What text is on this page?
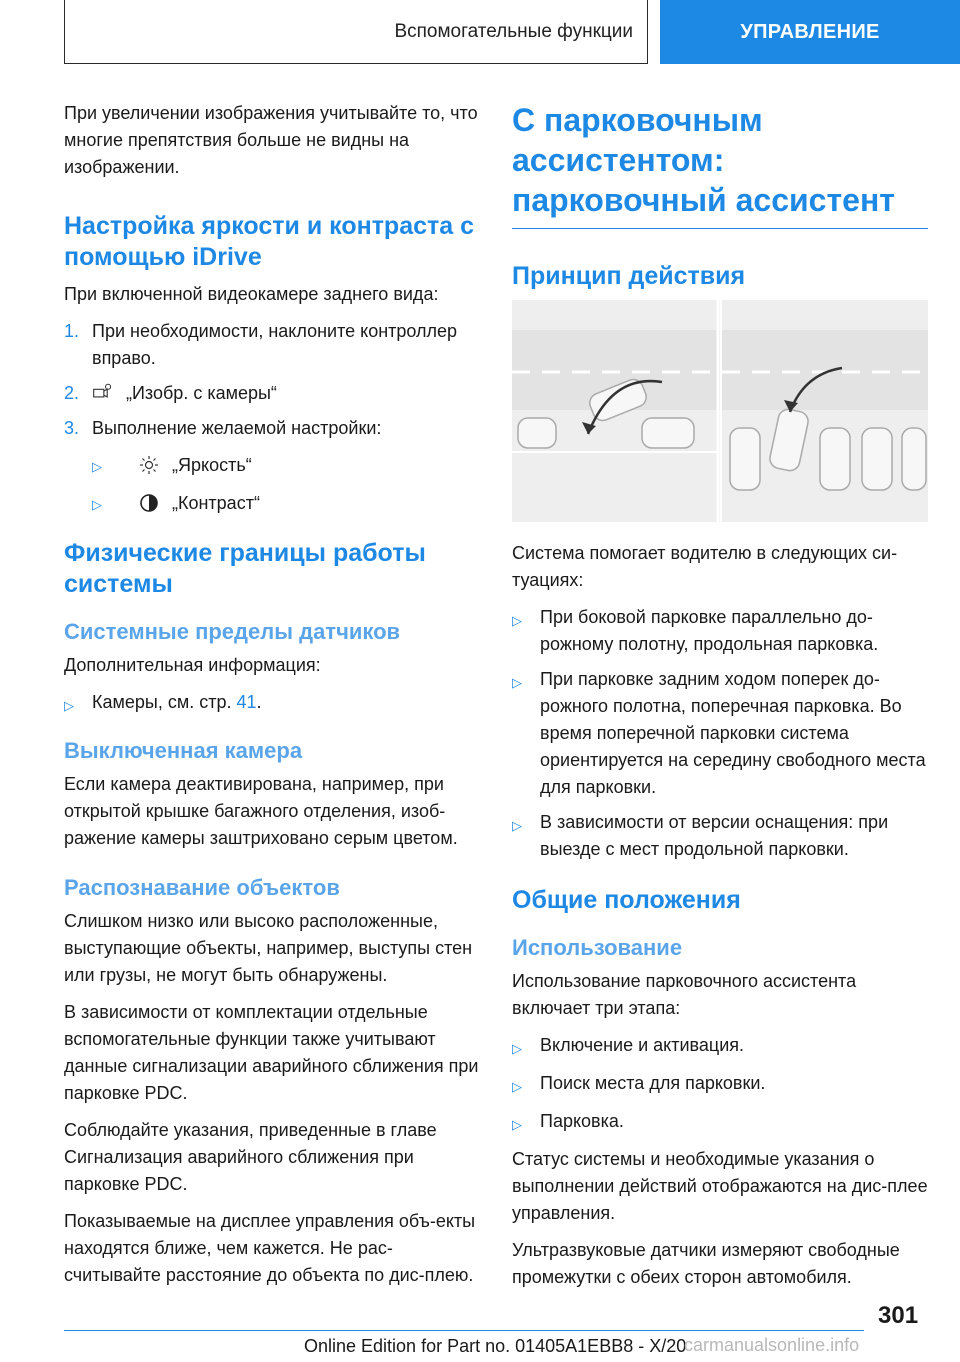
Вспомогательные функции	УПРАВЛЕНИЕ

При увеличении изображения учитывайте то, что многие препятствия больше не видны на изображении.

Настройка яркости и контраста с помощью iDrive

При включенной видеокамере заднего вида:

1. При необходимости, наклоните контроллер вправо.
2.	„Изобр. с камеры“
3. Выполнение желаемой настройки:
▷	„Яркость“
▷	„Контраст“
Физические границы работы системы
Системные пределы датчиков

Дополнительная информация:

▷	Камеры, см. стр. 41.
Выключенная камера

Если камера деактивирована, например, при открытой крышке багажного отделения, изоб-ражение камеры заштриховано серым цветом.

Распознавание объектов

Слишком низко или высоко расположенные, выступающие объекты, например, выступы стен или грузы, не могут быть обнаружены.

В зависимости от комплектации отдельные вспомогательные функции также учитывают данные сигнализации аварийного сближения при парковке PDC.

Соблюдайте указания, приведенные в главе Сигнализация аварийного сближения при парковке PDC.

Показываемые на дисплее управления объ-екты находятся ближе, чем кажется. Не рас-считывайте расстояние до объекта по дис-плею.

С парковочным ассистентом: парковочный ассистент
Принцип действия

Система помогает водителю в следующих си-туациях:

▷	При боковой парковке параллельно до-рожному полотну, продольная парковка.
▷	При парковке задним ходом поперек до-рожного полотна, поперечная парковка. Во время поперечной парковки система ориентируется на середину свободного места для парковки.
▷	В зависимости от версии оснащения: при выезде с мест продольной парковки.
Общие положения
Использование

Использование парковочного ассистента включает три этапа:

▷	Включение и активация.
▷	Поиск места для парковки.
▷	Парковка.

Статус системы и необходимые указания о выполнении действий отображаются на дис-плее управления.

Ультразвуковые датчики измеряют свободные промежутки с обеих сторон автомобиля.

301
Online Edition for Part no. 01405A1EBB8 - X/20
carmanualsonline.info
